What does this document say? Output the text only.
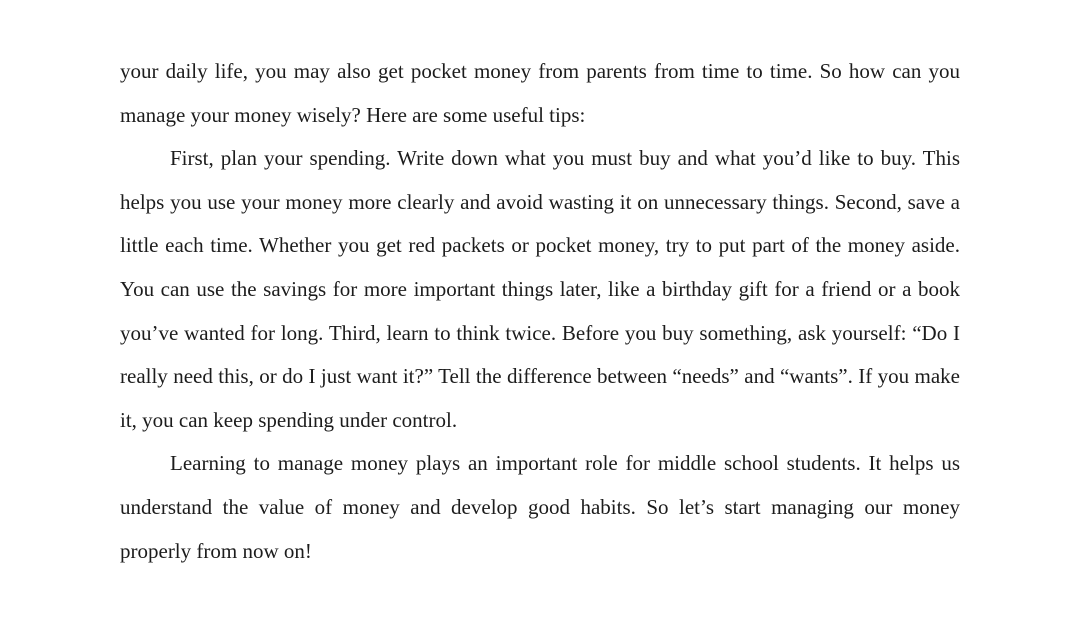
your daily life, you may also get pocket money from parents from time to time. So how can you manage your money wisely? Here are some useful tips:

First, plan your spending. Write down what you must buy and what you’d like to buy. This helps you use your money more clearly and avoid wasting it on unnecessary things. Second, save a little each time. Whether you get red packets or pocket money, try to put part of the money aside. You can use the savings for more important things later, like a birthday gift for a friend or a book you’ve wanted for long. Third, learn to think twice. Before you buy something, ask yourself: “Do I really need this, or do I just want it?” Tell the difference between “needs” and “wants”. If you make it, you can keep spending under control.

Learning to manage money plays an important role for middle school students. It helps us understand the value of money and develop good habits. So let’s start managing our money properly from now on!
